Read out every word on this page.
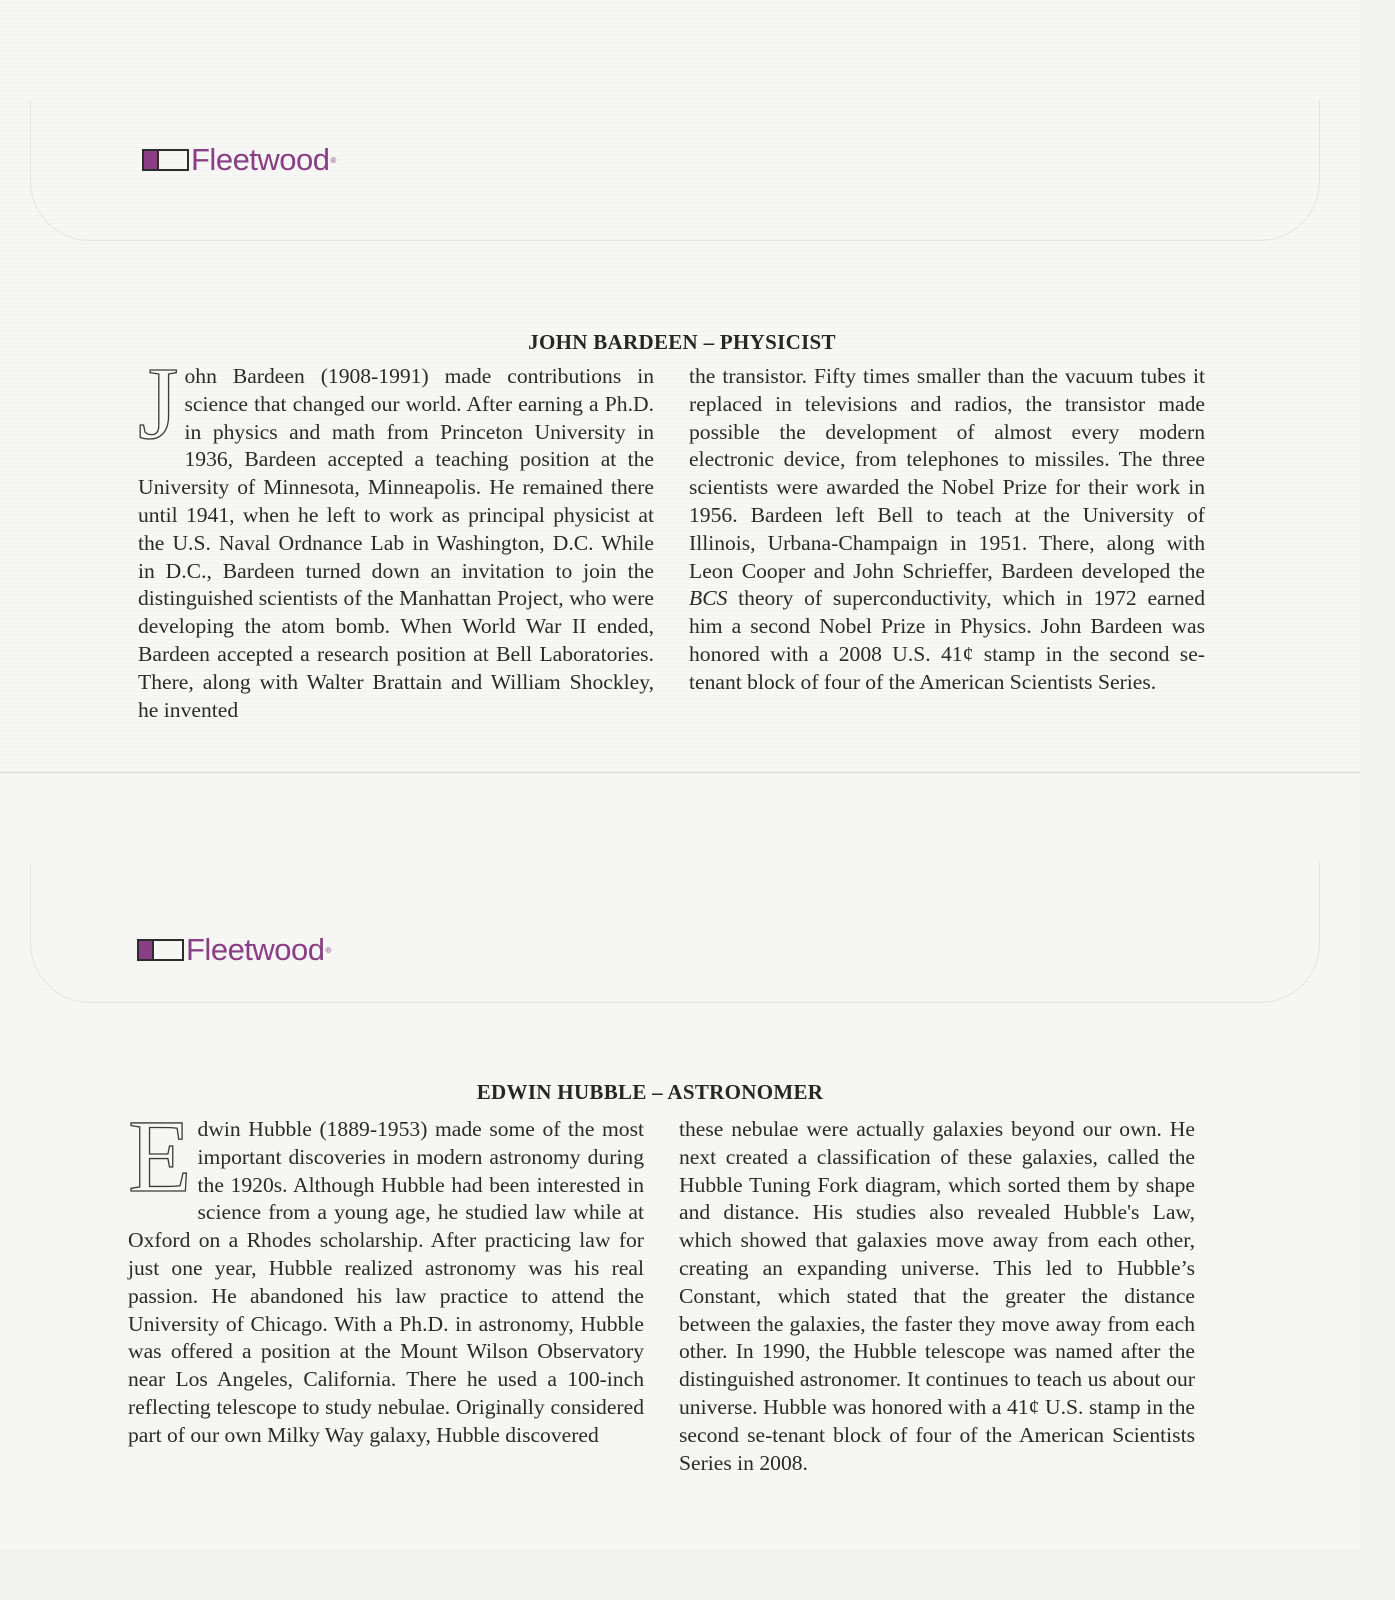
Fleetwood ®
JOHN BARDEEN – PHYSICIST
John Bardeen (1908-1991) made contributions in science that changed our world. After earning a Ph.D. in physics and math from Princeton University in 1936, Bardeen accepted a teaching position at the University of Minnesota, Minneapolis. He remained there until 1941, when he left to work as principal physicist at the U.S. Naval Ordnance Lab in Washington, D.C. While in D.C., Bardeen turned down an invitation to join the distinguished scientists of the Manhattan Project, who were developing the atom bomb. When World War II ended, Bardeen accepted a research position at Bell Laboratories. There, along with Walter Brattain and William Shockley, he invented
the transistor. Fifty times smaller than the vacuum tubes it replaced in televisions and radios, the transistor made possible the development of almost every modern electronic device, from telephones to missiles. The three scientists were awarded the Nobel Prize for their work in 1956. Bardeen left Bell to teach at the University of Illinois, Urbana-Champaign in 1951. There, along with Leon Cooper and John Schrieffer, Bardeen developed the BCS theory of superconductivity, which in 1972 earned him a second Nobel Prize in Physics. John Bardeen was honored with a 2008 U.S. 41¢ stamp in the second se-tenant block of four of the American Scientists Series.
Fleetwood ®
EDWIN HUBBLE – ASTRONOMER
Edwin Hubble (1889-1953) made some of the most important discoveries in modern astronomy during the 1920s. Although Hubble had been interested in science from a young age, he studied law while at Oxford on a Rhodes scholarship. After practicing law for just one year, Hubble realized astronomy was his real passion. He abandoned his law practice to attend the University of Chicago. With a Ph.D. in astronomy, Hubble was offered a position at the Mount Wilson Observatory near Los Angeles, California. There he used a 100-inch reflecting telescope to study nebulae. Originally considered part of our own Milky Way galaxy, Hubble discovered
these nebulae were actually galaxies beyond our own. He next created a classification of these galaxies, called the Hubble Tuning Fork diagram, which sorted them by shape and distance. His studies also revealed Hubble's Law, which showed that galaxies move away from each other, creating an expanding universe. This led to Hubble’s Constant, which stated that the greater the distance between the galaxies, the faster they move away from each other. In 1990, the Hubble telescope was named after the distinguished astronomer. It continues to teach us about our universe. Hubble was honored with a 41¢ U.S. stamp in the second se-tenant block of four of the American Scientists Series in 2008.
